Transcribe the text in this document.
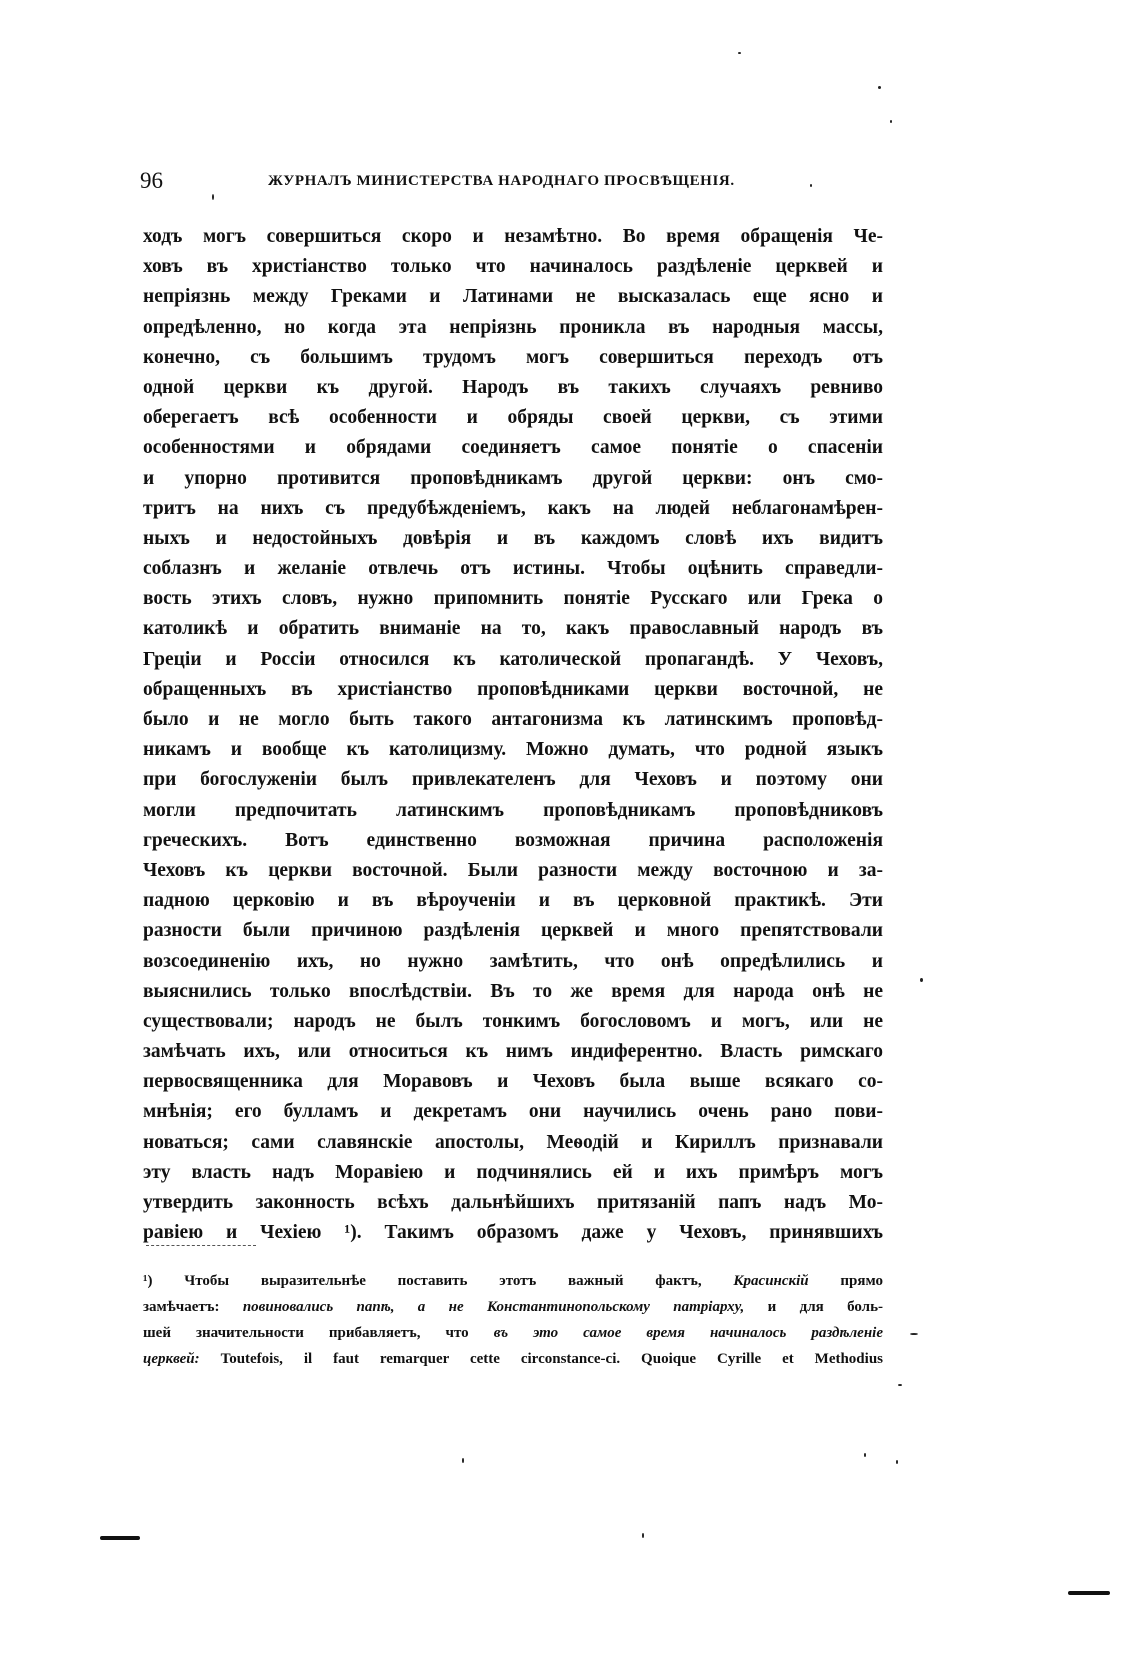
96	ЖУРНАЛЪ МИНИСТЕРСТВА НАРОДНАГО ПРОСВѢЩЕНІЯ.
ходъ могъ совершиться скоро и незамѣтно. Во время обращенія Че-
ховъ въ христіанство только что начиналось раздѣленіе церквей и
непріязнь между Греками и Латинами не высказалась еще ясно и
опредѣленно, но когда эта непріязнь проникла въ народныя массы,
конечно, съ большимъ трудомъ могъ совершиться переходъ отъ
одной церкви къ другой. Народъ въ такихъ случаяхъ ревниво
оберегаетъ всѣ особенности и обряды своей церкви, съ этими
особенностями и обрядами соединяетъ самое понятіе о спасеніи
и упорно противится проповѣдникамъ другой церкви: онъ смо-
тритъ на нихъ съ предубѣжденіемъ, какъ на людей неблагонамѣрен-
ныхъ и недостойныхъ довѣрія и въ каждомъ словѣ ихъ видитъ
соблазнъ и желаніе отвлечь отъ истины. Чтобы оцѣнить справедли-
вость этихъ словъ, нужно припомнить понятіе Русскаго или Грека о
католикѣ и обратить вниманіе на то, какъ православный народъ въ
Греціи и Россіи относился къ католической пропагандѣ. У Чеховъ,
обращенныхъ въ христіанство проповѣдниками церкви восточной, не
было и не могло быть такого антагонизма къ латинскимъ проповѣд-
никамъ и вообще къ католицизму. Можно думать, что родной языкъ
при богослуженіи былъ привлекателенъ для Чеховъ и поэтому они
могли предпочитать латинскимъ проповѣдникамъ проповѣдниковъ
греческихъ. Вотъ единственно возможная причина расположенія
Чеховъ къ церкви восточной. Были разности между восточною и за-
падною церковію и въ вѣроученіи и въ церковной практикѣ. Эти
разности были причиною раздѣленія церквей и много препятствовали
возсоединенію ихъ, но нужно замѣтить, что онѣ опредѣлились и
выяснились только впослѣдствіи. Въ то же время для народа онѣ не
существовали; народъ не былъ тонкимъ богословомъ и могъ, или не
замѣчать ихъ, или относиться къ нимъ индиферентно. Власть римскаго
первосвященника для Моравовъ и Чеховъ была выше всякаго со-
мнѣнія; его булламъ и декретамъ они научились очень рано пови-
новаться; сами славянскіе апостолы, Меѳодій и Кириллъ признавали
эту власть надъ Моравіею и подчинялись ей и ихъ примѣръ могъ
утвердить законность всѣхъ дальнѣйшихъ притязаній папъ надъ Мо-
равіею и Чехіею ¹). Такимъ образомъ даже у Чеховъ, принявшихъ
¹) Чтобы выразительнѣе поставить этотъ важный фактъ, Красинскій прямо
замѣчаетъ: повиновались папѣ, а не Константинопольскому патріарху, и для боль-
шей значительности прибавляетъ, что въ это самое время начиналось раздѣленіе
церквей: Toutefois, il faut remarquer cette circonstance-ci. Quoique Cyrille et Methodius
